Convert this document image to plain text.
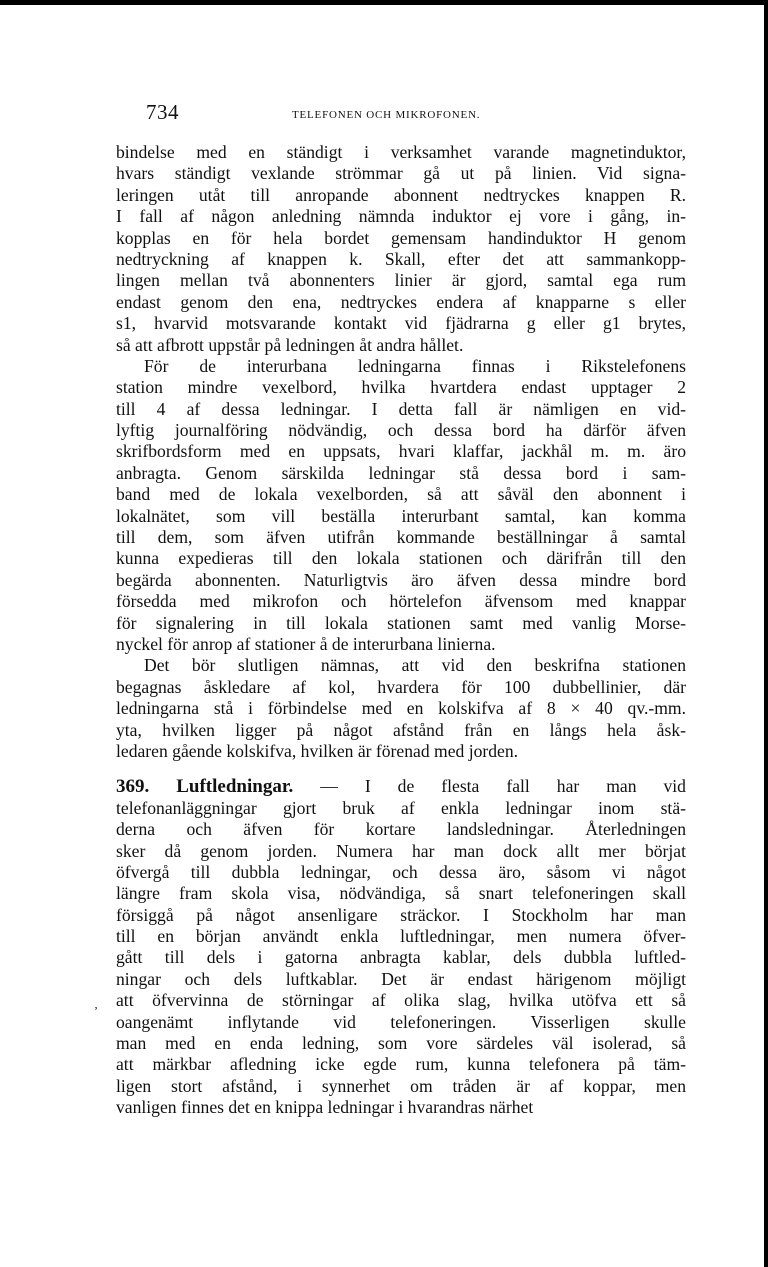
734	TELEFONEN OCH MIKROFONEN.
‚
bindelse med en ständigt i verksamhet varande magnetinduktor,
hvars ständigt vexlande strömmar gå ut på linien. Vid signa-
leringen utåt till anropande abonnent nedtryckes knappen R.
I fall af någon anledning nämnda induktor ej vore i gång, in-
kopplas en för hela bordet gemensam handinduktor H genom
nedtryckning af knappen k. Skall, efter det att sammankopp-
lingen mellan två abonnenters linier är gjord, samtal ega rum
endast genom den ena, nedtryckes endera af knapparne s eller
s1, hvarvid motsvarande kontakt vid fjädrarna g eller g1 brytes,
så att afbrott uppstår på ledningen åt andra hållet.
För de interurbana ledningarna finnas i Rikstelefonens
station mindre vexelbord, hvilka hvartdera endast upptager 2
till 4 af dessa ledningar. I detta fall är nämligen en vid-
lyftig journalföring nödvändig, och dessa bord ha därför äfven
skrifbordsform med en uppsats, hvari klaffar, jackhål m. m. äro
anbragta. Genom särskilda ledningar stå dessa bord i sam-
band med de lokala vexelborden, så att såväl den abonnent i
lokalnätet, som vill beställa interurbant samtal, kan komma
till dem, som äfven utifrån kommande beställningar å samtal
kunna expedieras till den lokala stationen och därifrån till den
begärda abonnenten. Naturligtvis äro äfven dessa mindre bord
försedda med mikrofon och hörtelefon äfvensom med knappar
för signalering in till lokala stationen samt med vanlig Morse-
nyckel för anrop af stationer å de interurbana linierna.
Det bör slutligen nämnas, att vid den beskrifna stationen
begagnas åskledare af kol, hvardera för 100 dubbellinier, där
ledningarna stå i förbindelse med en kolskifva af 8 × 40 qv.-mm.
yta, hvilken ligger på något afstånd från en långs hela åsk-
ledaren gående kolskifva, hvilken är förenad med jorden.
369. Luftledningar. — I de flesta fall har man vid
telefonanläggningar gjort bruk af enkla ledningar inom stä-
derna och äfven för kortare landsledningar. Återledningen
sker då genom jorden. Numera har man dock allt mer börjat
öfvergå till dubbla ledningar, och dessa äro, såsom vi något
längre fram skola visa, nödvändiga, så snart telefoneringen skall
försiggå på något ansenligare sträckor. I Stockholm har man
till en början användt enkla luftledningar, men numera öfver-
gått till dels i gatorna anbragta kablar, dels dubbla luftled-
ningar och dels luftkablar. Det är endast härigenom möjligt
att öfvervinna de störningar af olika slag, hvilka utöfva ett så
oangenämt inflytande vid telefoneringen. Visserligen skulle
man med en enda ledning, som vore särdeles väl isolerad, så
att märkbar afledning icke egde rum, kunna telefonera på täm-
ligen stort afstånd, i synnerhet om tråden är af koppar, men
vanligen finnes det en knippa ledningar i hvarandras närhet
